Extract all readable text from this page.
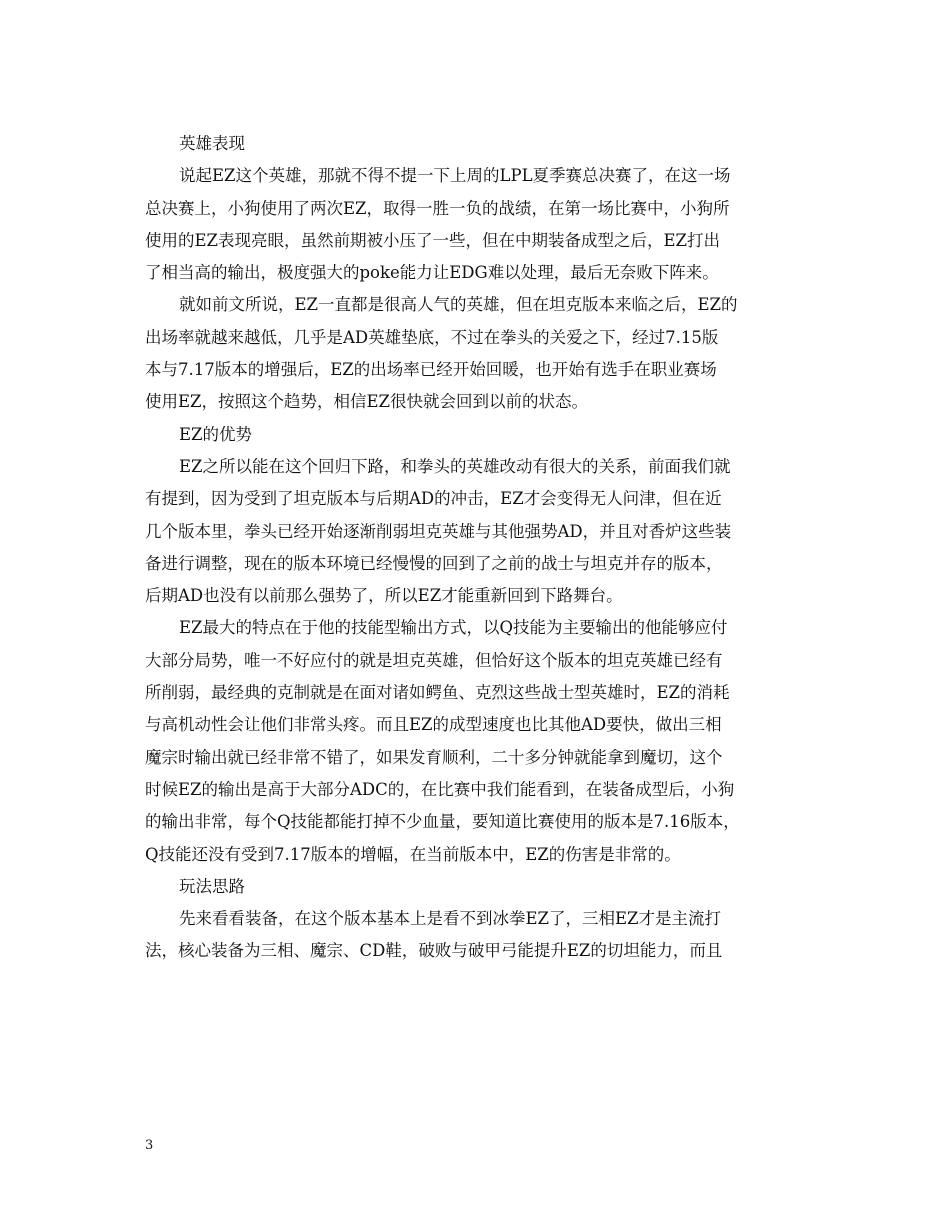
英雄表现
说起EZ这个英雄，那就不得不提一下上周的LPL夏季赛总决赛了，在这一场
总决赛上，小狗使用了两次EZ，取得一胜一负的战绩，在第一场比赛中，小狗所
使用的EZ表现亮眼，虽然前期被小压了一些，但在中期装备成型之后，EZ打出
了相当高的输出，极度强大的poke能力让EDG难以处理，最后无奈败下阵来。
就如前文所说，EZ一直都是很高人气的英雄，但在坦克版本来临之后，EZ的
出场率就越来越低，几乎是AD英雄垫底，不过在拳头的关爱之下，经过7.15版
本与7.17版本的增强后，EZ的出场率已经开始回暖，也开始有选手在职业赛场
使用EZ，按照这个趋势，相信EZ很快就会回到以前的状态。
EZ的优势
EZ之所以能在这个回归下路，和拳头的英雄改动有很大的关系，前面我们就
有提到，因为受到了坦克版本与后期AD的冲击，EZ才会变得无人问津，但在近
几个版本里，拳头已经开始逐渐削弱坦克英雄与其他强势AD，并且对香炉这些装
备进行调整，现在的版本环境已经慢慢的回到了之前的战士与坦克并存的版本，
后期AD也没有以前那么强势了，所以EZ才能重新回到下路舞台。
EZ最大的特点在于他的技能型输出方式，以Q技能为主要输出的他能够应付
大部分局势，唯一不好应付的就是坦克英雄，但恰好这个版本的坦克英雄已经有
所削弱，最经典的克制就是在面对诸如鳄鱼、克烈这些战士型英雄时，EZ的消耗
与高机动性会让他们非常头疼。而且EZ的成型速度也比其他AD要快，做出三相
魔宗时输出就已经非常不错了，如果发育顺利，二十多分钟就能拿到魔切，这个
时候EZ的输出是高于大部分ADC的，在比赛中我们能看到，在装备成型后，小狗
的输出非常，每个Q技能都能打掉不少血量，要知道比赛使用的版本是7.16版本，
Q技能还没有受到7.17版本的增幅，在当前版本中，EZ的伤害是非常的。
玩法思路
先来看看装备，在这个版本基本上是看不到冰拳EZ了，三相EZ才是主流打
法，核心装备为三相、魔宗、CD鞋，破败与破甲弓能提升EZ的切坦能力，而且
3
